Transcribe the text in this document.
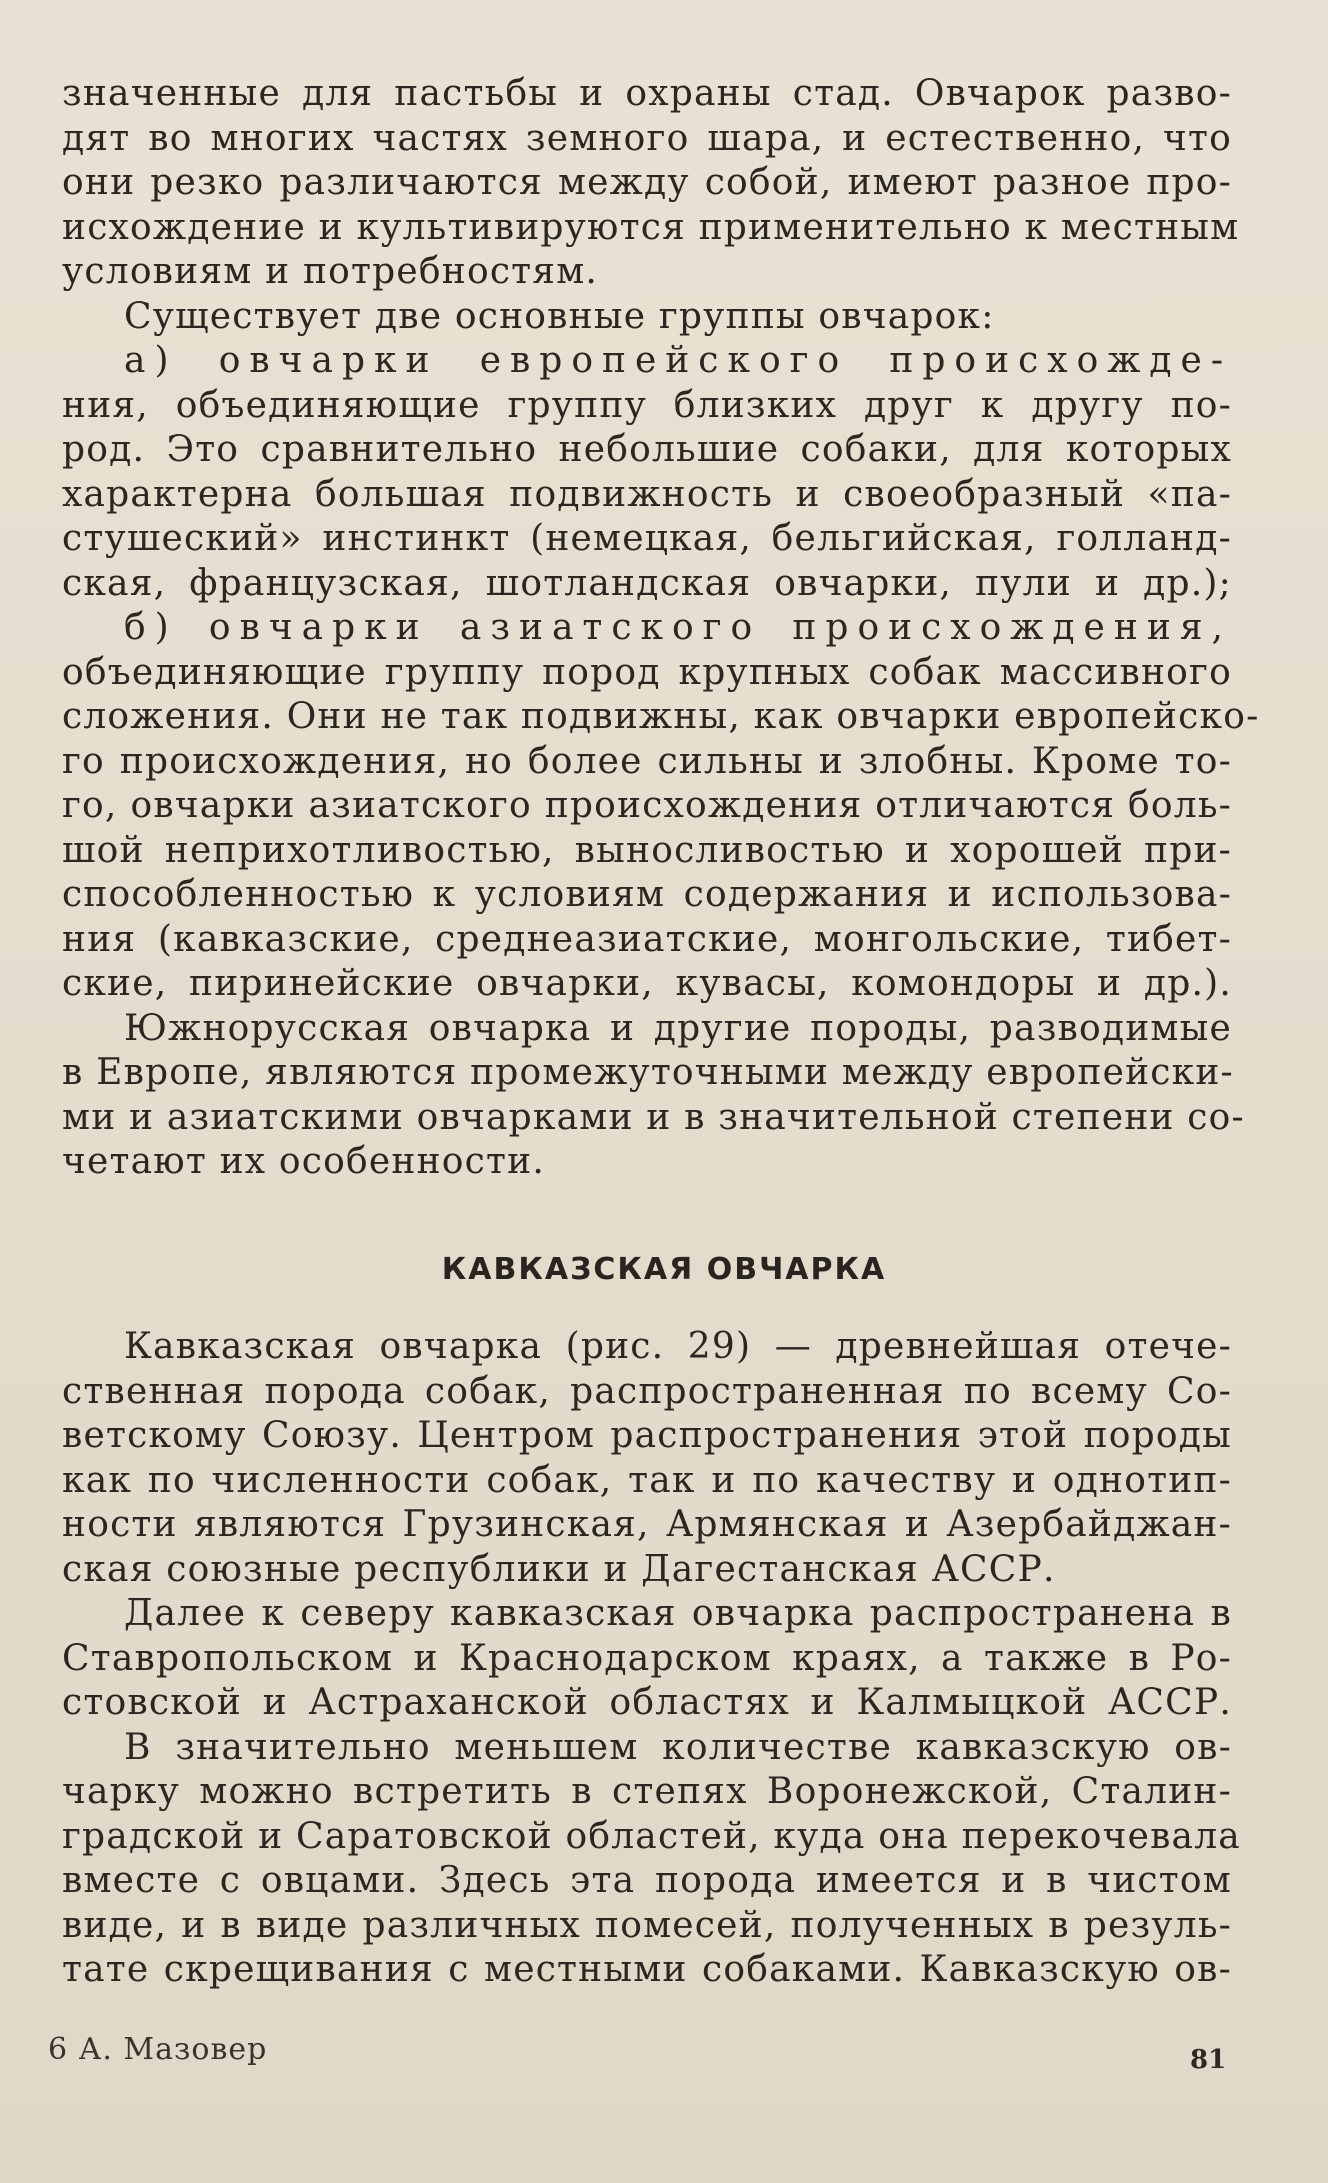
значенные для пастьбы и охраны стад. Овчарок разво-
дят во многих частях земного шара, и естественно, что
они резко различаются между собой, имеют разное про-
исхождение и культивируются применительно к местным
условиям и потребностям.
Существует две основные группы овчарок:
а) овчарки европейского происхожде-
ния, объединяющие группу близких друг к другу по-
род. Это сравнительно небольшие собаки, для которых
характерна большая подвижность и своеобразный «па-
стушеский» инстинкт (немецкая, бельгийская, голланд-
ская, французская, шотландская овчарки, пули и др.);
б) овчарки азиатского происхождения,
объединяющие группу пород крупных собак массивного
сложения. Они не так подвижны, как овчарки европейско-
го происхождения, но более сильны и злобны. Кроме то-
го, овчарки азиатского происхождения отличаются боль-
шой неприхотливостью, выносливостью и хорошей при-
способленностью к условиям содержания и использова-
ния (кавказские, среднеазиатские, монгольские, тибет-
ские, пиринейские овчарки, кувасы, комондоры и др.).
Южнорусская овчарка и другие породы, разводимые
в Европе, являются промежуточными между европейски-
ми и азиатскими овчарками и в значительной степени со-
четают их особенности.
КАВКАЗСКАЯ ОВЧАРКА
Кавказская овчарка (рис. 29) — древнейшая отече-
ственная порода собак, распространенная по всему Со-
ветскому Союзу. Центром распространения этой породы
как по численности собак, так и по качеству и однотип-
ности являются Грузинская, Армянская и Азербайджан-
ская союзные республики и Дагестанская АССР.
Далее к северу кавказская овчарка распространена в
Ставропольском и Краснодарском краях, а также в Ро-
стовской и Астраханской областях и Калмыцкой АССР.
В значительно меньшем количестве кавказскую ов-
чарку можно встретить в степях Воронежской, Сталин-
градской и Саратовской областей, куда она перекочевала
вместе с овцами. Здесь эта порода имеется и в чистом
виде, и в виде различных помесей, полученных в резуль-
тате скрещивания с местными собаками. Кавказскую ов-
6 А. Мазовер	81
